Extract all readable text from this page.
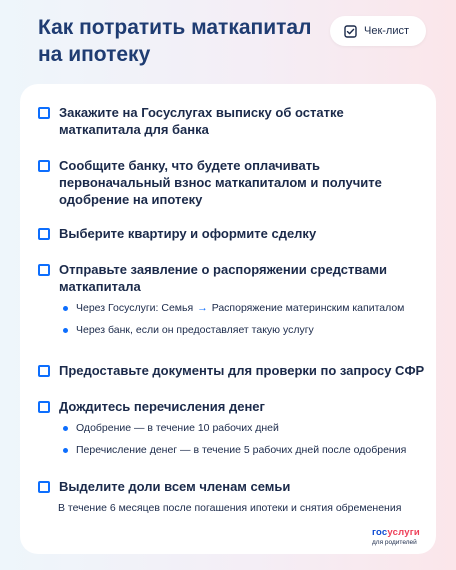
Как потратить маткапитал на ипотеку
Чек-лист
Закажите на Госуслугах выписку об остатке маткапитала для банка
Сообщите банку, что будете оплачивать первоначальный взнос маткапиталом и получите одобрение на ипотеку
Выберите квартиру и оформите сделку
Отправьте заявление о распоряжении средствами маткапитала
Через Госуслуги: Семья → Распоряжение материнским капиталом
Через банк, если он предоставляет такую услугу
Предоставьте документы для проверки по запросу СФР
Дождитесь перечисления денег
Одобрение — в течение 10 рабочих дней
Перечисление денег — в течение 5 рабочих дней после одобрения
Выделите доли всем членам семьи
В течение 6 месяцев после погашения ипотеки и снятия обременения
госуслуги
для родителей
